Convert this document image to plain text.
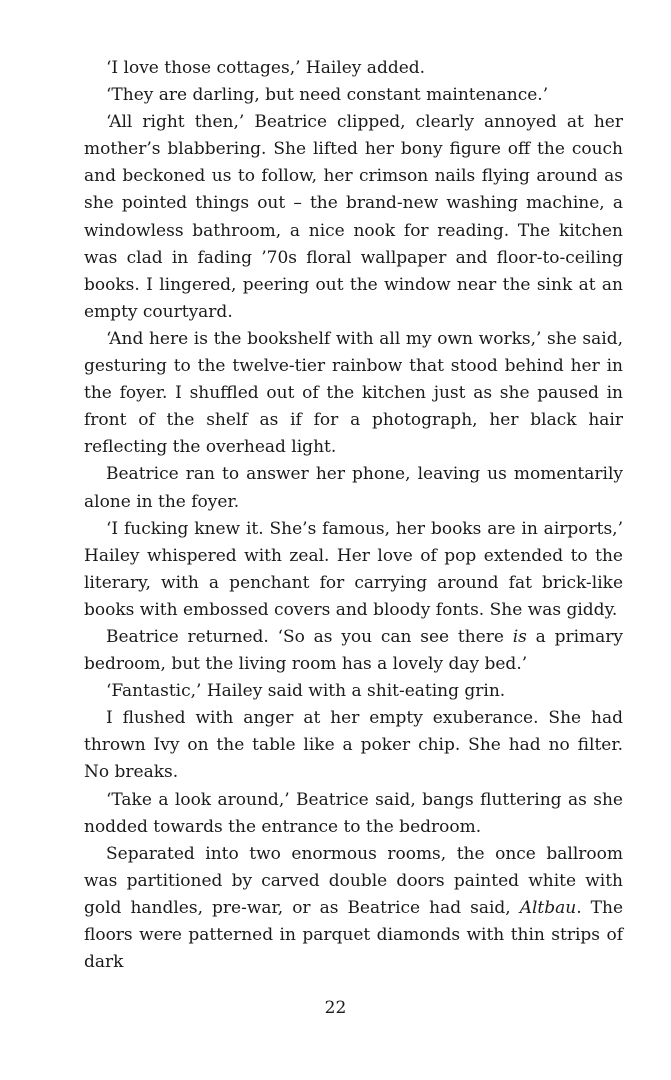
‘I love those cottages,’ Hailey added.

‘They are darling, but need constant maintenance.’

‘All right then,’ Beatrice clipped, clearly annoyed at her mother’s blabbering. She lifted her bony figure off the couch and beckoned us to follow, her crimson nails flying around as she pointed things out – the brand-new washing machine, a windowless bathroom, a nice nook for reading. The kitchen was clad in fading ’70s floral wallpaper and floor-to-ceiling books. I lingered, peering out the window near the sink at an empty courtyard.

‘And here is the bookshelf with all my own works,’ she said, gesturing to the twelve-tier rainbow that stood behind her in the foyer. I shuffled out of the kitchen just as she paused in front of the shelf as if for a photograph, her black hair reflecting the overhead light.

Beatrice ran to answer her phone, leaving us momentarily alone in the foyer.

‘I fucking knew it. She’s famous, her books are in airports,’ Hailey whispered with zeal. Her love of pop extended to the literary, with a penchant for carrying around fat brick-like books with embossed covers and bloody fonts. She was giddy.

Beatrice returned. ‘So as you can see there is a primary bedroom, but the living room has a lovely day bed.’

‘Fantastic,’ Hailey said with a shit-eating grin.

I flushed with anger at her empty exuberance. She had thrown Ivy on the table like a poker chip. She had no filter. No breaks.

‘Take a look around,’ Beatrice said, bangs fluttering as she nodded towards the entrance to the bedroom.

Separated into two enormous rooms, the once ballroom was partitioned by carved double doors painted white with gold handles, pre-war, or as Beatrice had said, Altbau. The floors were patterned in parquet diamonds with thin strips of dark

22
